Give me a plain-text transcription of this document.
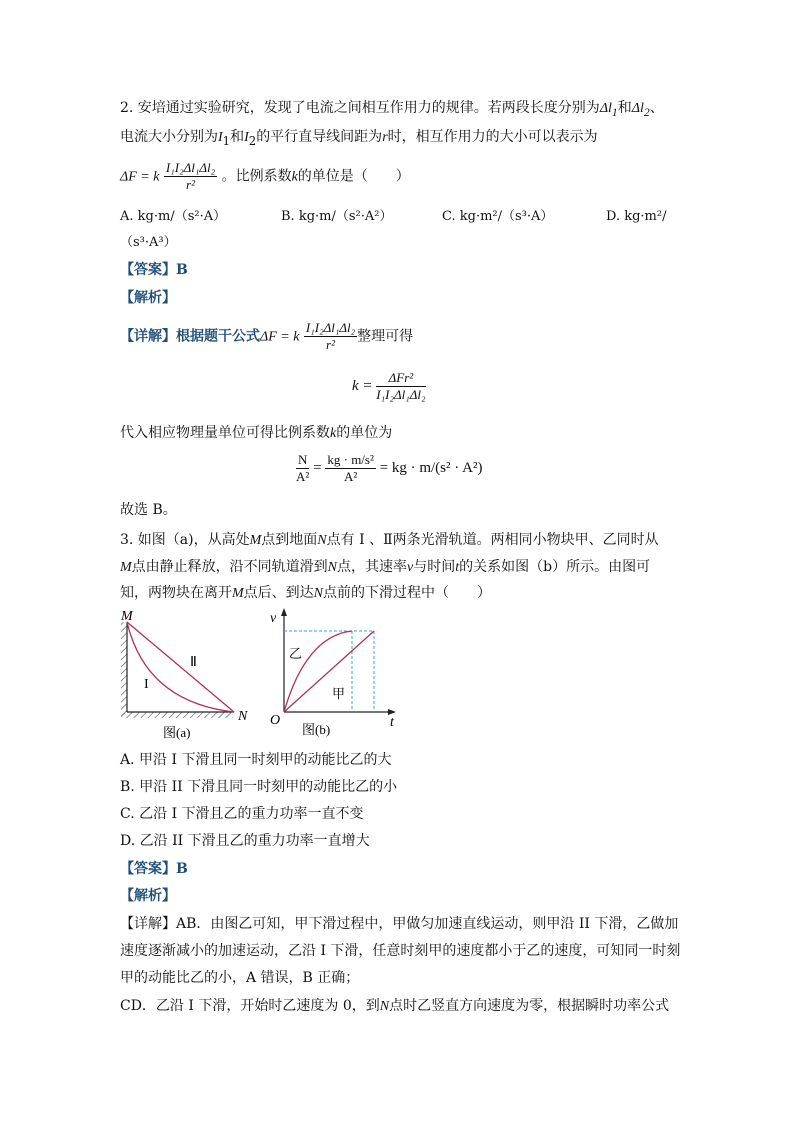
2. 安培通过实验研究，发现了电流之间相互作用力的规律。若两段长度分别为$\Delta l_1$和$\Delta l_2$、
电流大小分别为$I_1$和$I_2$的平行直导线间距为r时，相互作用力的大小可以表示为
ΔF = k $\frac{\text{I₁I₂Δl₁Δl₂}}{\text{r²}}$ 。比例系数k的单位是（　　）
A. kg·m/（s²·A）	B. kg·m/（s²·A²）	C. kg·m²/（s³·A）	D. kg·m²/
（s³·A³）
【答案】B
【解析】
【详解】根据题干公式ΔF = k $\frac{\text{I₁I₂Δl₁Δl₂}}{\text{r²}}$ 整理可得
$k = \frac{\text{ΔFr²}}{\text{I₁I₂Δl₁Δl₂}}$
代入相应物理量单位可得比例系数k的单位为
$\frac{N}{\text{A²}} = \frac{\text{kg · m/s²}}{\text{A²}}$ = kg · m/(s² · A²)
故选 B。
3. 如图（a)，从高处M点到地面N点有 Ⅰ 、Ⅱ两条光滑轨道。两相同小物块甲、乙同时从
M点由静止释放，沿不同轨道滑到N点，其速率v与时间t的关系如图（b）所示。由图可
知，两物块在离开M点后、到达N点前的下滑过程中（　　）
M
N
I
Ⅱ
图(a)
v
t
O
乙
甲
图(b)
A. 甲沿 I 下滑且同一时刻甲的动能比乙的大
B. 甲沿 II 下滑且同一时刻甲的动能比乙的小
C. 乙沿 I 下滑且乙的重力功率一直不变
D. 乙沿 II 下滑且乙的重力功率一直增大
【答案】B
【解析】
【详解】AB．由图乙可知，甲下滑过程中，甲做匀加速直线运动，则甲沿 II 下滑，乙做加
速度逐渐减小的加速运动，乙沿 I 下滑，任意时刻甲的速度都小于乙的速度，可知同一时刻
甲的动能比乙的小，A 错误，B 正确；
CD．乙沿 I 下滑，开始时乙速度为 0，到N点时乙竖直方向速度为零，根据瞬时功率公式
